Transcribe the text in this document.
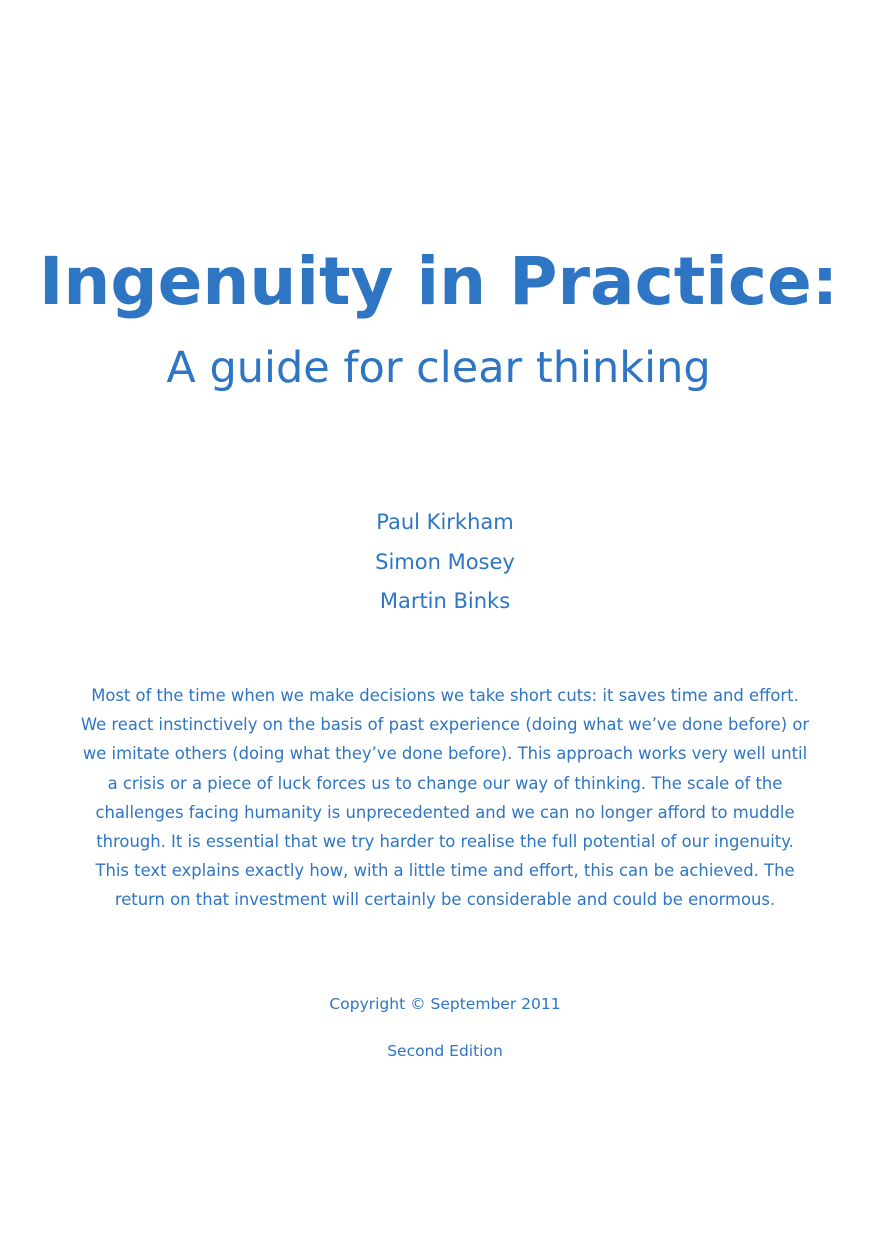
Ingenuity in Practice:
A guide for clear thinking
Paul Kirkham
Simon Mosey
Martin Binks
Most of the time when we make decisions we take short cuts: it saves time and effort. We react instinctively on the basis of past experience (doing what we’ve done before) or we imitate others (doing what they’ve done before). This approach works very well until a crisis or a piece of luck forces us to change our way of thinking. The scale of the challenges facing humanity is unprecedented and we can no longer afford to muddle through. It is essential that we try harder to realise the full potential of our ingenuity. This text explains exactly how, with a little time and effort, this can be achieved. The return on that investment will certainly be considerable and could be enormous.
Copyright © September 2011
Second Edition
